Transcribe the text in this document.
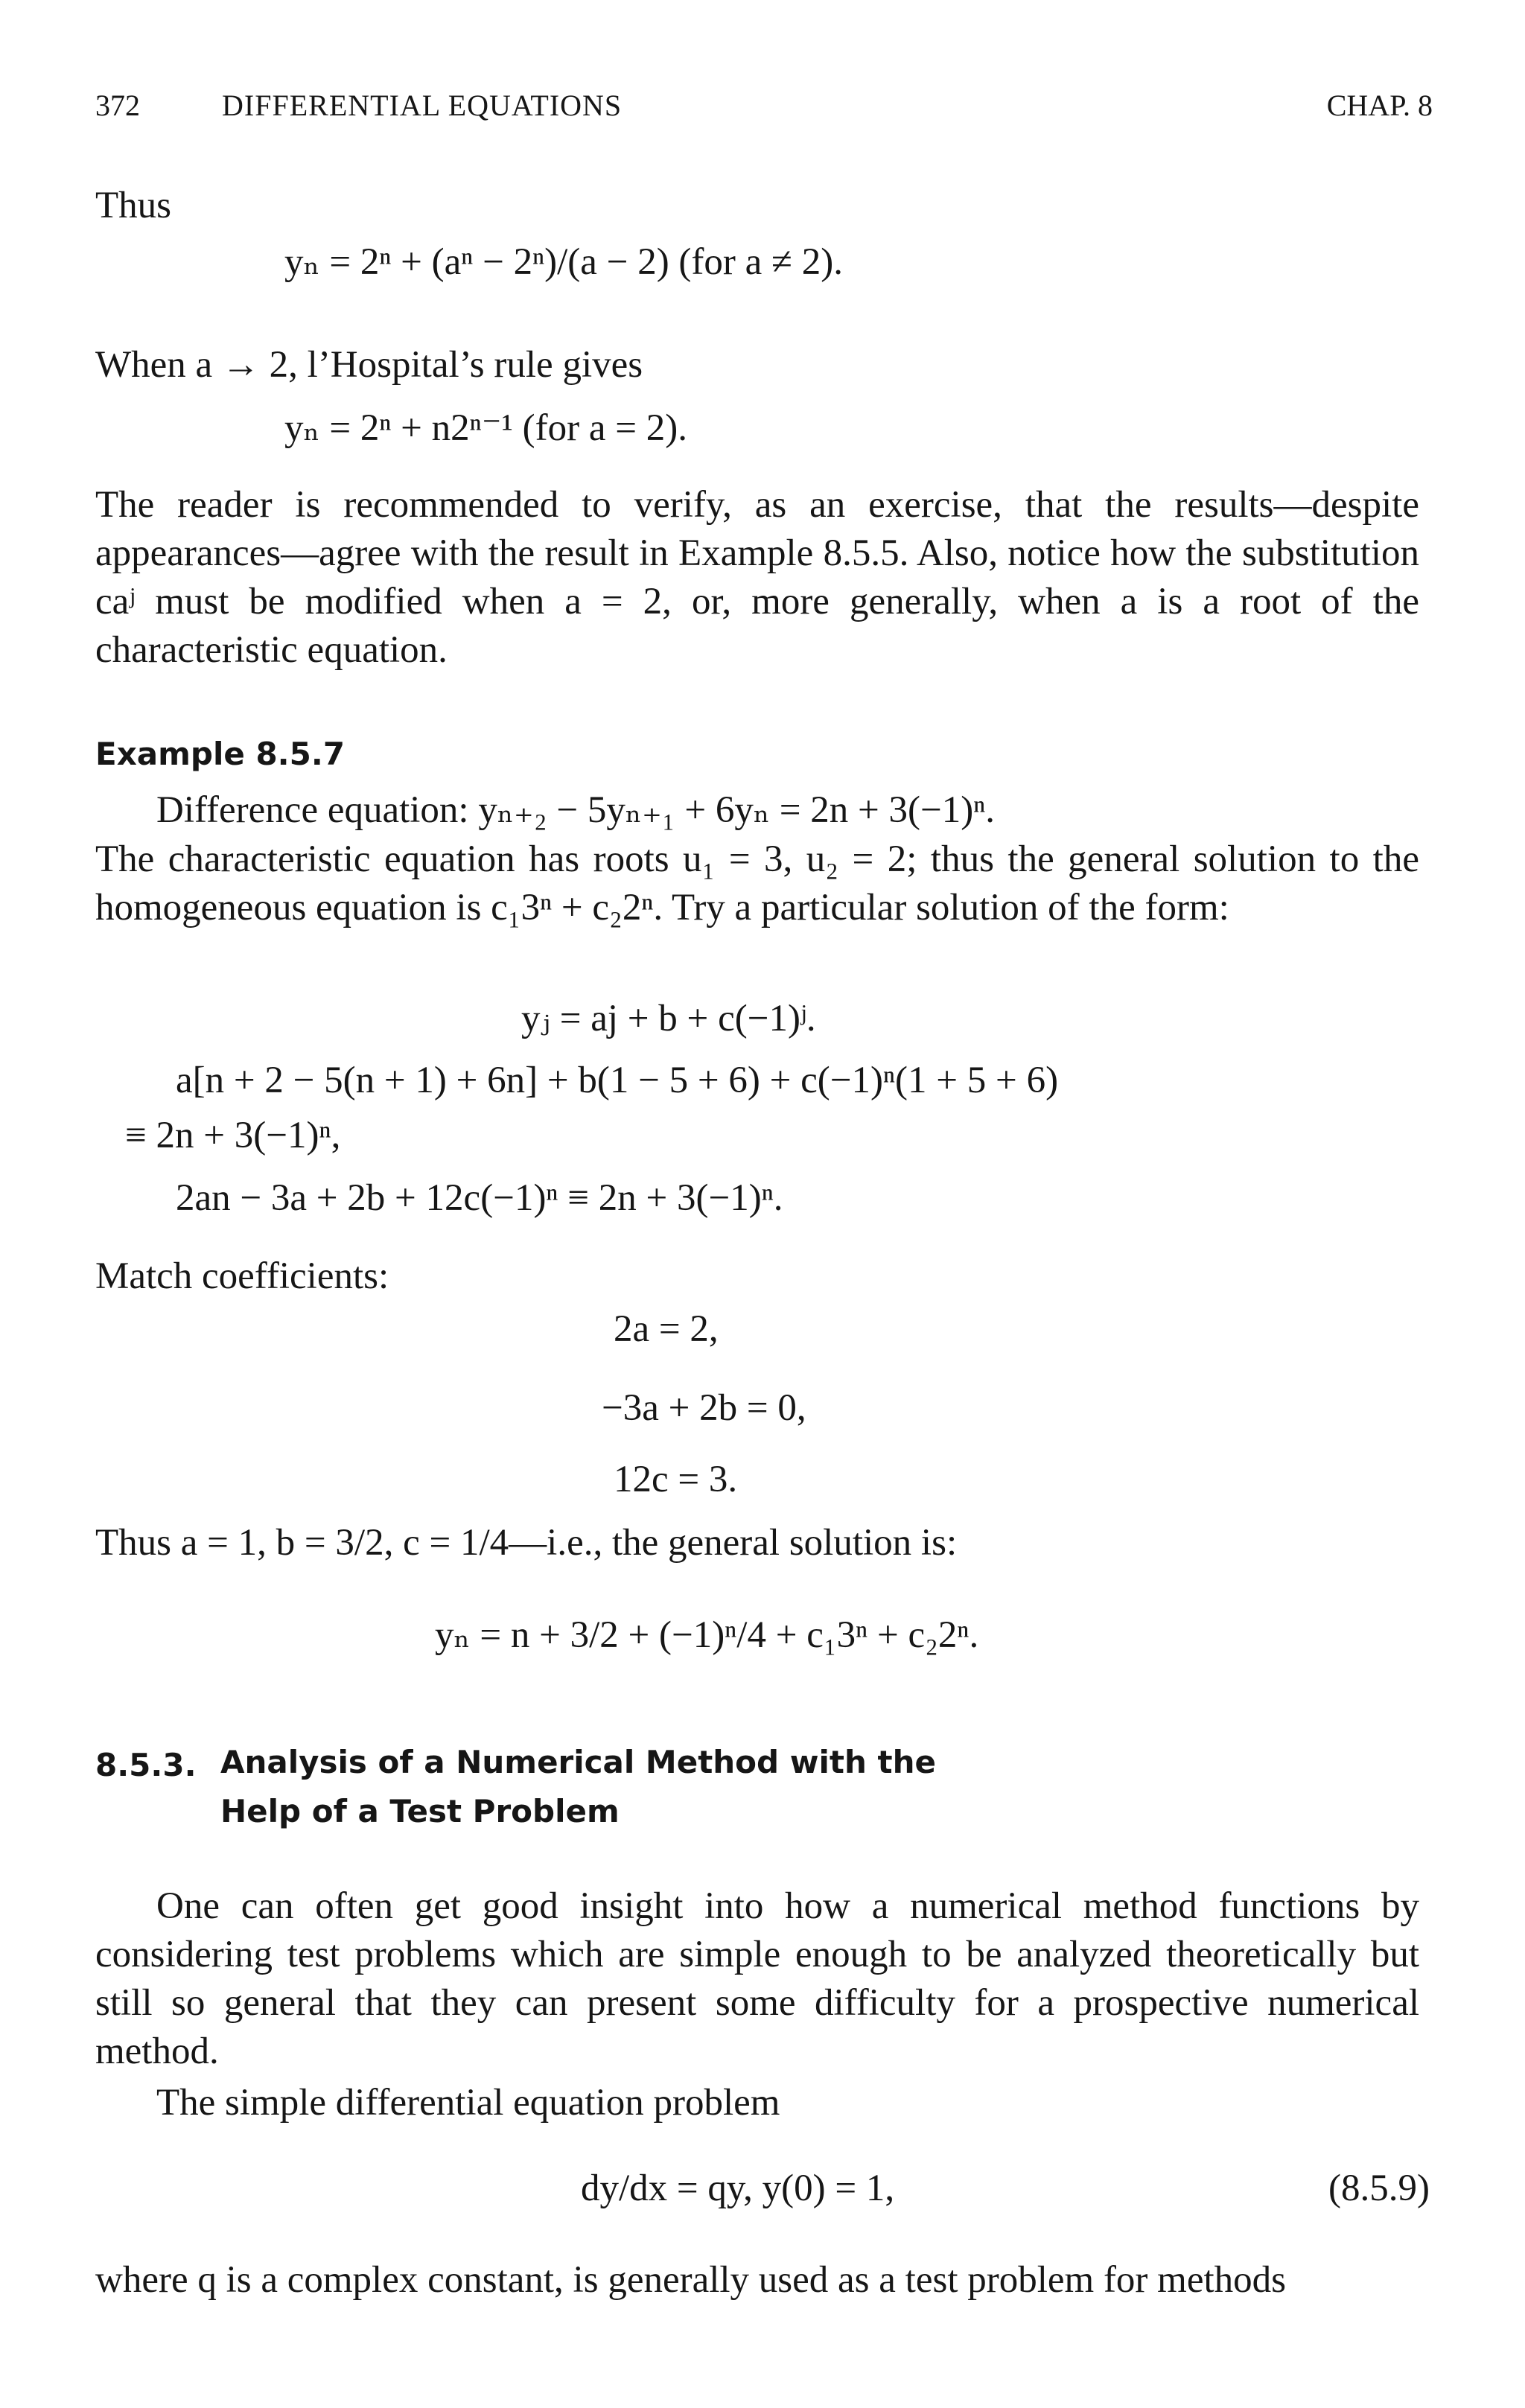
372	DIFFERENTIAL EQUATIONS	CHAP. 8
Thus
yₙ = 2ⁿ + (aⁿ − 2ⁿ)/(a − 2) (for a ≠ 2).
When a → 2, l’Hospital’s rule gives
yₙ = 2ⁿ + n2ⁿ⁻¹ (for a = 2).
The reader is recommended to verify, as an exercise, that the results—despite appearances—agree with the result in Example 8.5.5. Also, notice how the substitution caʲ must be modified when a = 2, or, more generally, when a is a root of the characteristic equation.
Example 8.5.7
Difference equation: yₙ₊₂ − 5yₙ₊₁ + 6yₙ = 2n + 3(−1)ⁿ.
The characteristic equation has roots u₁ = 3, u₂ = 2; thus the general solution to the homogeneous equation is c₁3ⁿ + c₂2ⁿ. Try a particular solution of the form:
yⱼ = aj + b + c(−1)ʲ.
a[n + 2 − 5(n + 1) + 6n] + b(1 − 5 + 6) + c(−1)ⁿ(1 + 5 + 6)
≡ 2n + 3(−1)ⁿ,
2an − 3a + 2b + 12c(−1)ⁿ ≡ 2n + 3(−1)ⁿ.
Match coefficients:
2a = 2,
−3a + 2b = 0,
12c = 3.
Thus a = 1, b = 3/2, c = 1/4—i.e., the general solution is:
yₙ = n + 3/2 + (−1)ⁿ/4 + c₁3ⁿ + c₂2ⁿ.
8.5.3. Analysis of a Numerical Method with the Help of a Test Problem
One can often get good insight into how a numerical method functions by considering test problems which are simple enough to be analyzed theoretically but still so general that they can present some difficulty for a prospective numerical method.
The simple differential equation problem
dy/dx = qy, y(0) = 1,	(8.5.9)
where q is a complex constant, is generally used as a test problem for methods
